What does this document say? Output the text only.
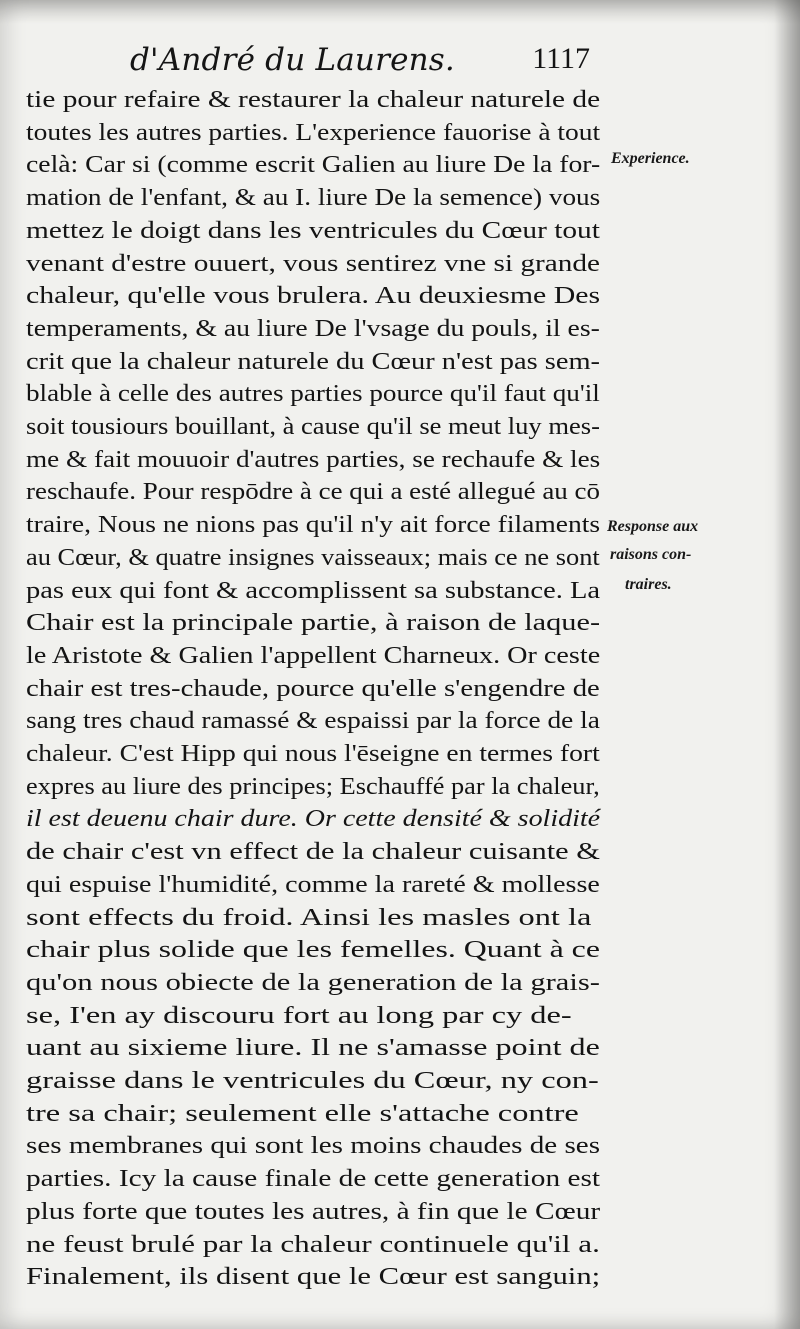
d'André du Laurens.	1117
tie pour refaire & restaurer la chaleur naturele de
toutes les autres parties. L'experience fauorise à tout
celà: Car si (comme escrit Galien au liure De la for-
mation de l'enfant, & au I. liure De la semence) vous
mettez le doigt dans les ventricules du Cœur tout
venant d'estre ouuert, vous sentirez vne si grande
chaleur, qu'elle vous brulera. Au deuxiesme Des
temperaments, & au liure De l'vsage du pouls, il es-
crit que la chaleur naturele du Cœur n'est pas sem-
blable à celle des autres parties pource qu'il faut qu'il
soit tousiours bouillant, à cause qu'il se meut luy mes-
me & fait mouuoir d'autres parties, se rechaufe & les
reschaufe. Pour respōdre à ce qui a esté allegué au cō
traire, Nous ne nions pas qu'il n'y ait force filaments
au Cœur, & quatre insignes vaisseaux; mais ce ne sont
pas eux qui font & accomplissent sa substance. La
Chair est la principale partie, à raison de laque-
le Aristote & Galien l'appellent Charneux. Or ceste
chair est tres-chaude, pource qu'elle s'engendre de
sang tres chaud ramassé & espaissi par la force de la
chaleur. C'est Hipp qui nous l'ēseigne en termes fort
expres au liure des principes; Eschauffé par la chaleur,
il est deuenu chair dure. Or cette densité & solidité
de chair c'est vn effect de la chaleur cuisante &
qui espuise l'humidité, comme la rareté & mollesse
sont effects du froid. Ainsi les masles ont la
chair plus solide que les femelles. Quant à ce
qu'on nous obiecte de la generation de la grais-
se, I'en ay discouru fort au long par cy de-
uant au sixieme liure. Il ne s'amasse point de
graisse dans le ventricules du Cœur, ny con-
tre sa chair; seulement elle s'attache contre
ses membranes qui sont les moins chaudes de ses
parties. Icy la cause finale de cette generation est
plus forte que toutes les autres, à fin que le Cœur
ne feust brulé par la chaleur continuele qu'il a.
Finalement, ils disent que le Cœur est sanguin;
Experience.
Response aux
raisons con-
traires.
